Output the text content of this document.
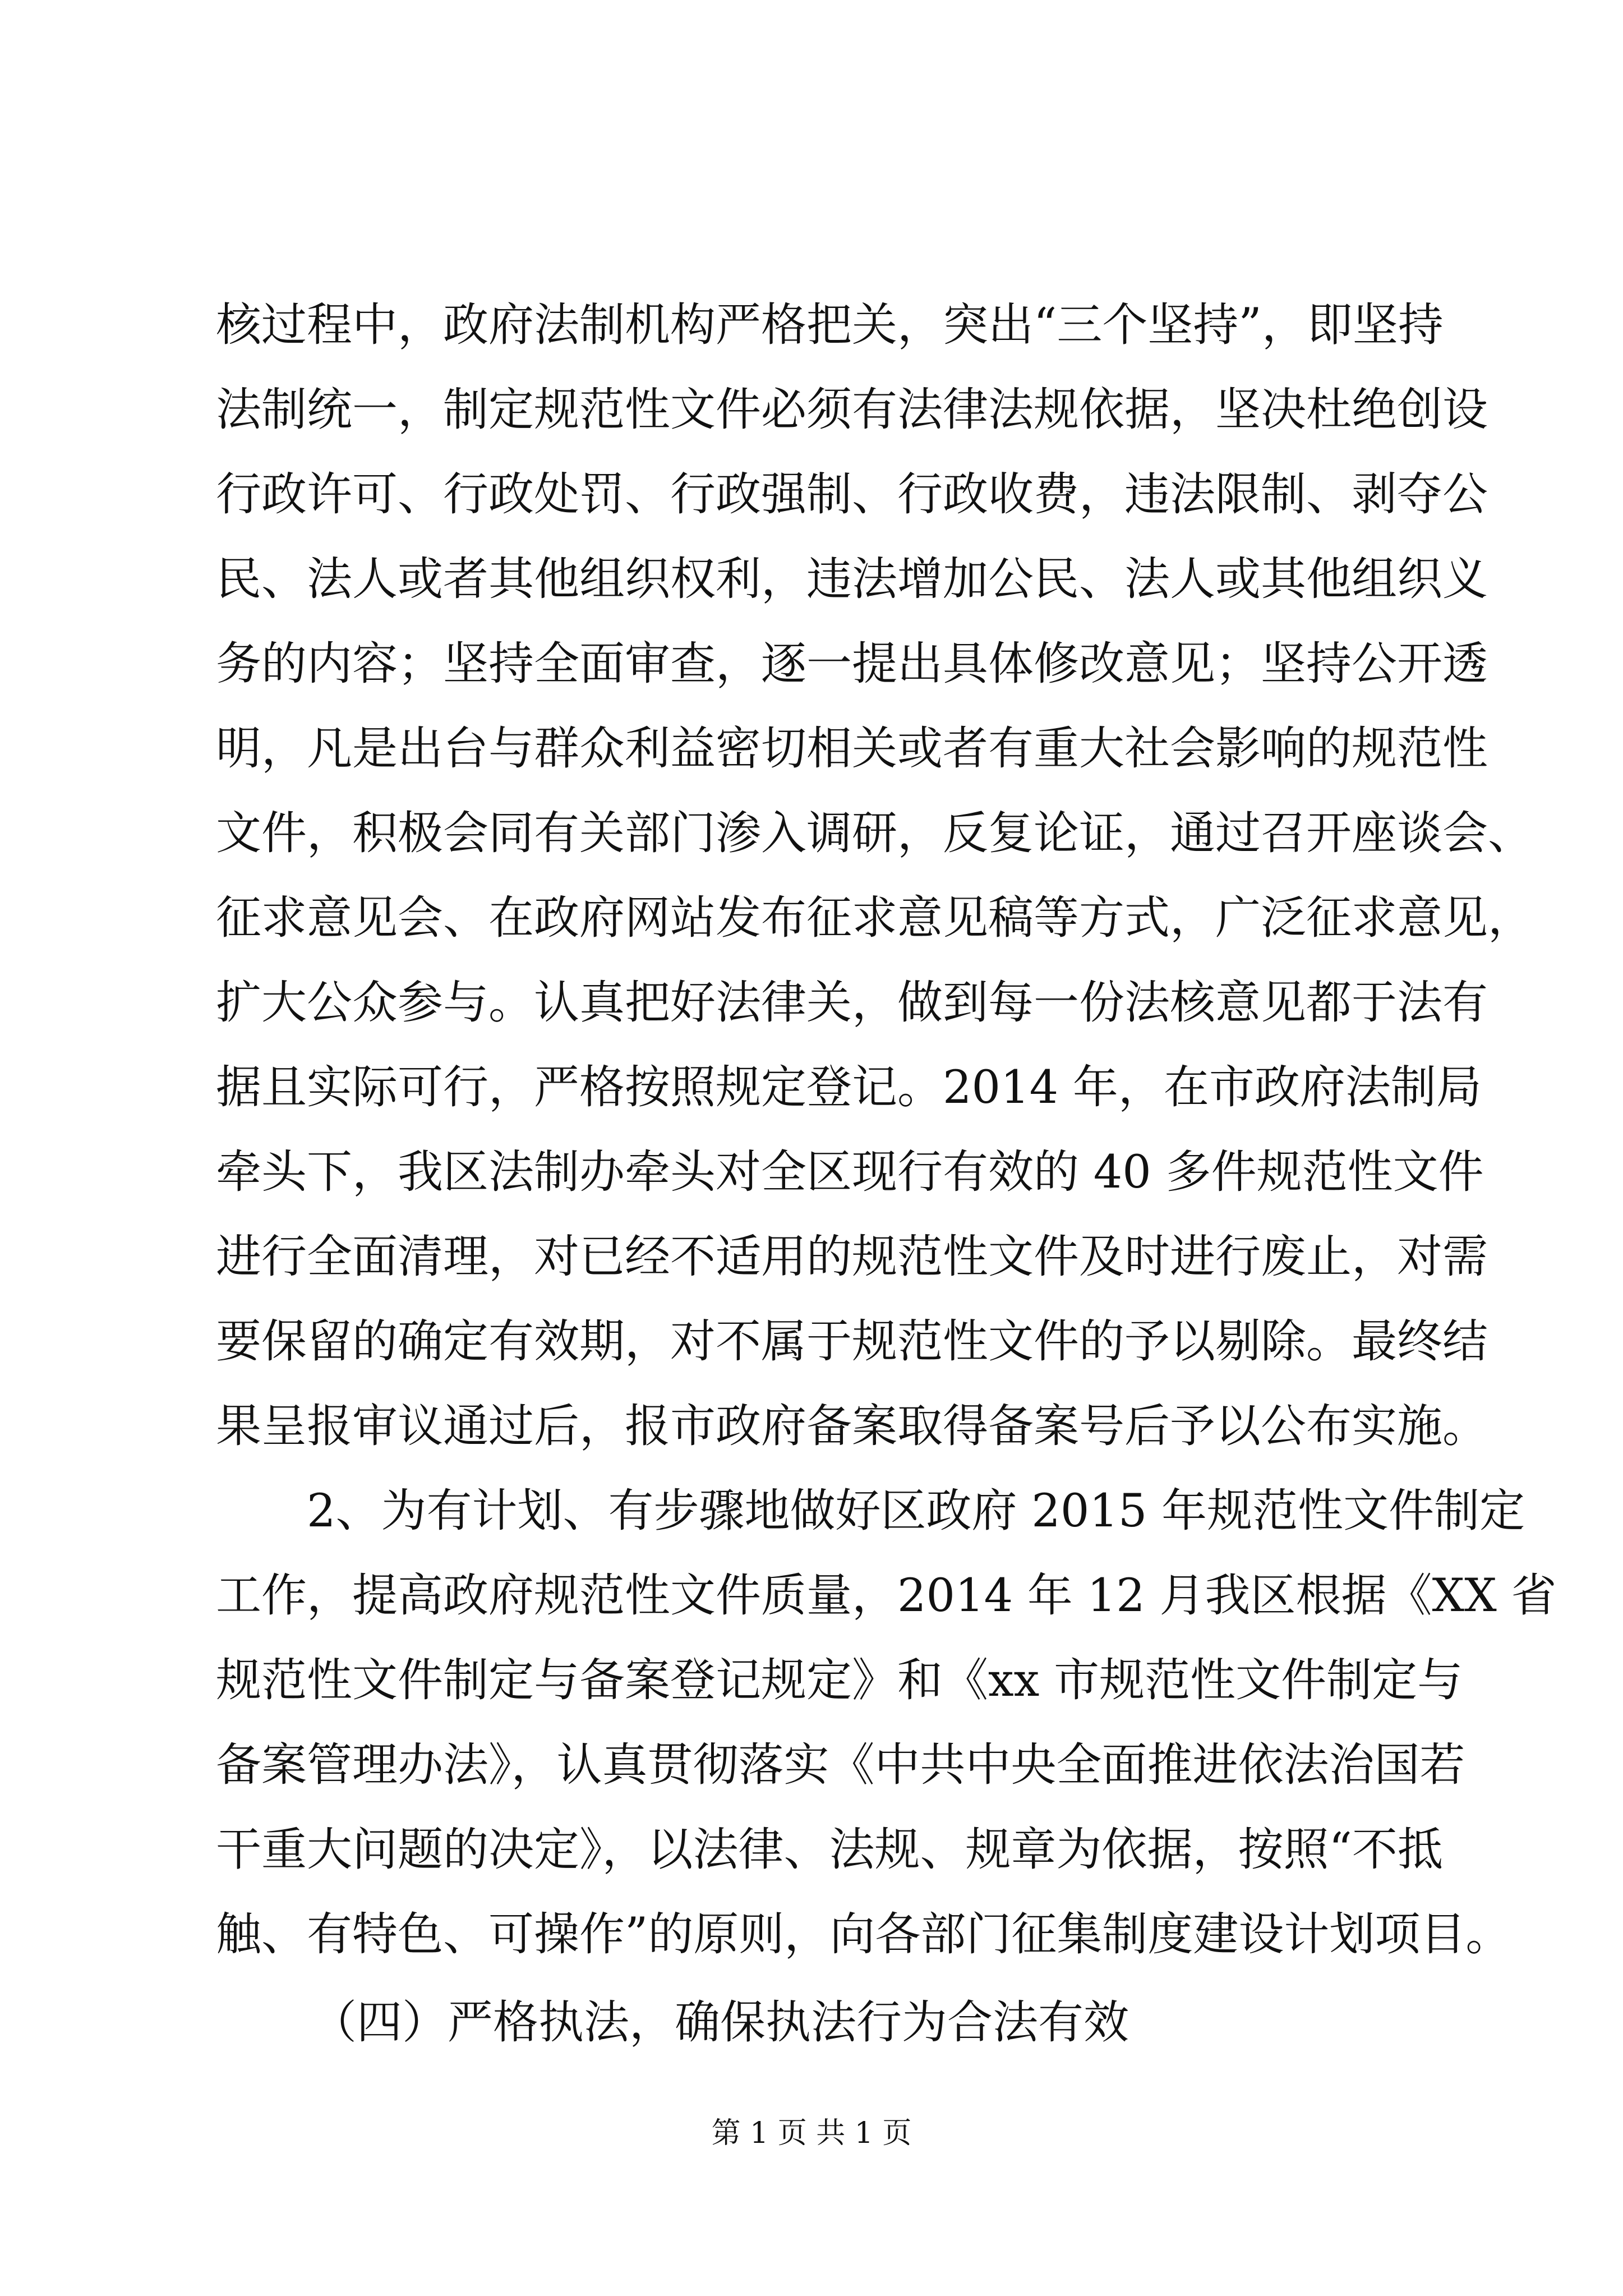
核过程中，政府法制机构严格把关，突出“三个坚持”，即坚持
法制统一，制定规范性文件必须有法律法规依据，坚决杜绝创设
行政许可、行政处罚、行政强制、行政收费，违法限制、剥夺公
民、法人或者其他组织权利，违法增加公民、法人或其他组织义
务的内容；坚持全面审查，逐一提出具体修改意见；坚持公开透
明，凡是出台与群众利益密切相关或者有重大社会影响的规范性
文件，积极会同有关部门渗入调研，反复论证，通过召开座谈会、
征求意见会、在政府网站发布征求意见稿等方式，广泛征求意见，
扩大公众参与。认真把好法律关，做到每一份法核意见都于法有
据且实际可行，严格按照规定登记。2014 年，在市政府法制局
牵头下，我区法制办牵头对全区现行有效的 40 多件规范性文件
进行全面清理，对已经不适用的规范性文件及时进行废止，对需
要保留的确定有效期，对不属于规范性文件的予以剔除。最终结
果呈报审议通过后，报市政府备案取得备案号后予以公布实施。
2、为有计划、有步骤地做好区政府 2015 年规范性文件制定
工作，提高政府规范性文件质量，2014 年 12 月我区根据《XX 省
规范性文件制定与备案登记规定》和《xx 市规范性文件制定与
备案管理办法》，认真贯彻落实《中共中央全面推进依法治国若
干重大问题的决定》，以法律、法规、规章为依据，按照“不抵
触、有特色、可操作”的原则，向各部门征集制度建设计划项目。
（四）严格执法，确保执法行为合法有效
第 1 页 共 1 页
